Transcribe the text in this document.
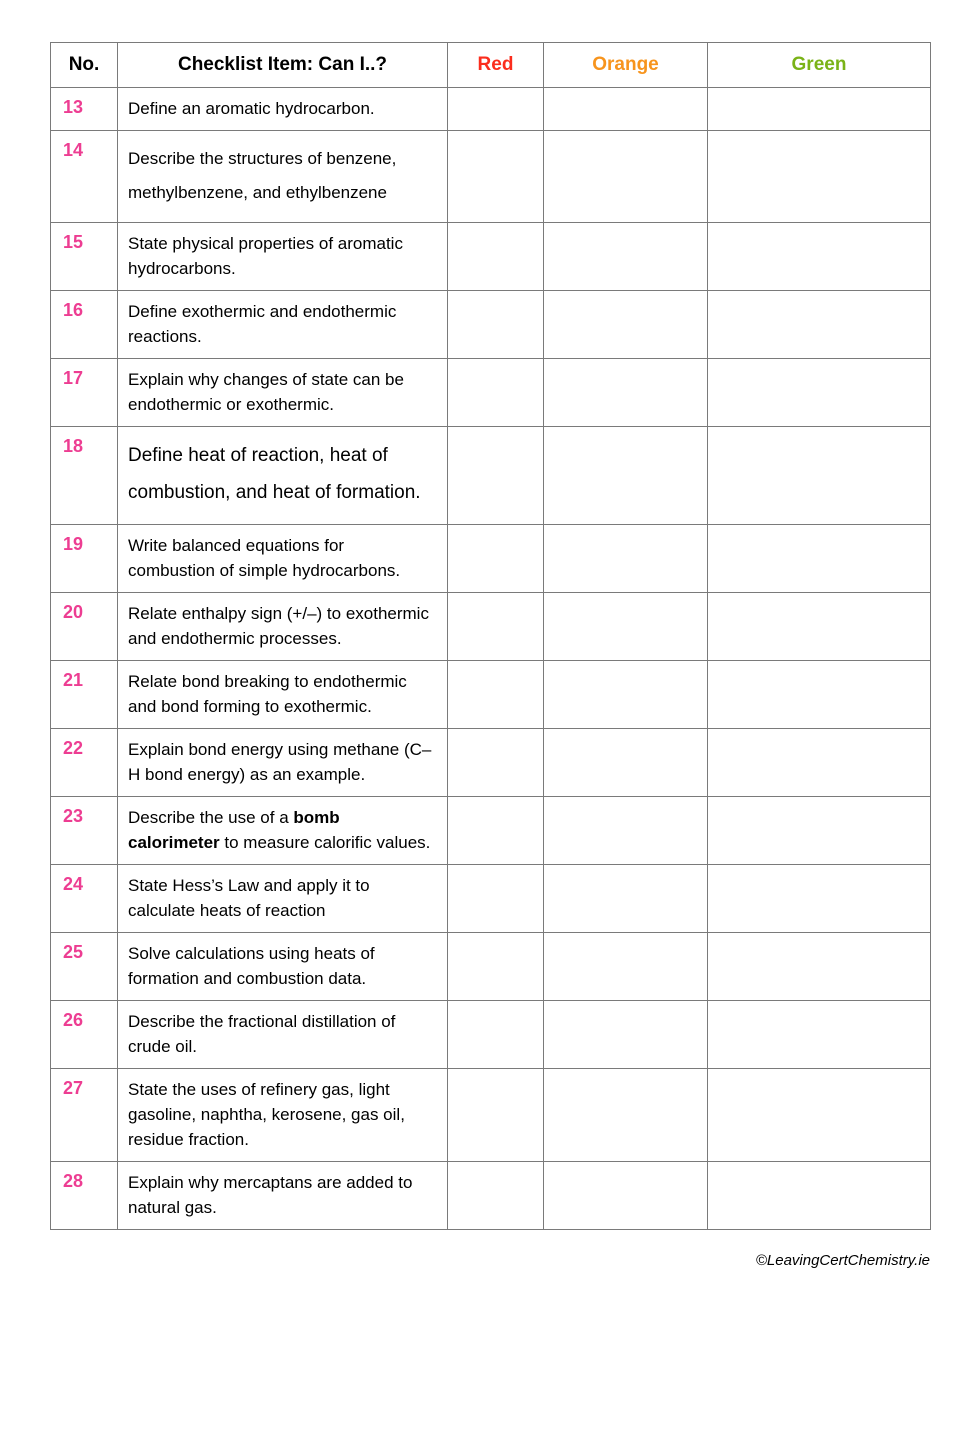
No.	Checklist Item: Can I..?	Red	Orange	Green
13	Define an aromatic hydrocarbon.			
14	Describe the structures of benzene, methylbenzene, and ethylbenzene			
15	State physical properties of aromatic hydrocarbons.			
16	Define exothermic and endothermic reactions.			
17	Explain why changes of state can be endothermic or exothermic.			
18	Define heat of reaction, heat of combustion, and heat of formation.			
19	Write balanced equations for combustion of simple hydrocarbons.			
20	Relate enthalpy sign (+/–) to exothermic and endothermic processes.			
21	Relate bond breaking to endothermic and bond forming to exothermic.			
22	Explain bond energy using methane (C–H bond energy) as an example.			
23	Describe the use of a bomb calorimeter to measure calorific values.			
24	State Hess’s Law and apply it to calculate heats of reaction			
25	Solve calculations using heats of formation and combustion data.			
26	Describe the fractional distillation of crude oil.			
27	State the uses of refinery gas, light gasoline, naphtha, kerosene, gas oil, residue fraction.			
28	Explain why mercaptans are added to natural gas.			
©LeavingCertChemistry.ie
